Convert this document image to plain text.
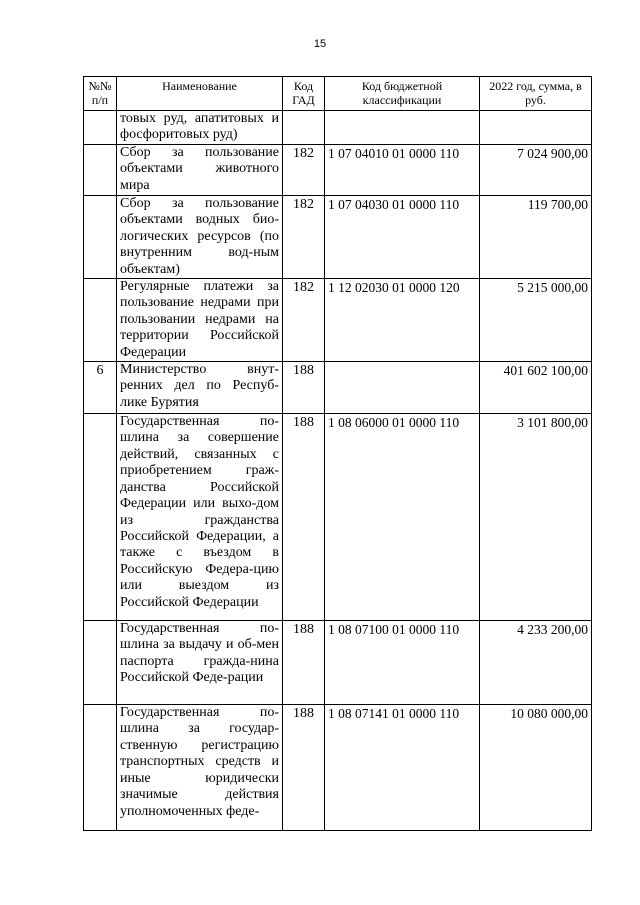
15
№№ п/п	Наименование	Код ГАД	Код бюджетной классификации	2022 год, сумма, в руб.
	товых руд, апатитовых и фосфоритовых руд)			
	Сбор за пользование объектами животного мира	182	1 07 04010 01 0000 110	7 024 900,00
	Сбор за пользование объектами водных био-логических ресурсов (по внутренним вод-ным объектам)	182	1 07 04030 01 0000 110	119 700,00
	Регулярные платежи за пользование недрами при пользовании недрами на территории Российской Федерации	182	1 12 02030 01 0000 120	5 215 000,00
6	Министерство внут-ренних дел по Респуб-лике Бурятия	188		401 602 100,00
	Государственная по-шлина за совершение действий, связанных с приобретением граж-данства Российской Федерации или выхо-дом из гражданства Российской Федерации, а также с въездом в Российскую Федера-цию или выездом из Российской Федерации	188	1 08 06000 01 0000 110	3 101 800,00
	Государственная по-шлина за выдачу и об-мен паспорта гражда-нина Российской Феде-рации	188	1 08 07100 01 0000 110	4 233 200,00
	Государственная по-шлина за государ-ственную регистрацию транспортных средств и иные юридически значимые действия уполномоченных феде-	188	1 08 07141 01 0000 110	10 080 000,00
